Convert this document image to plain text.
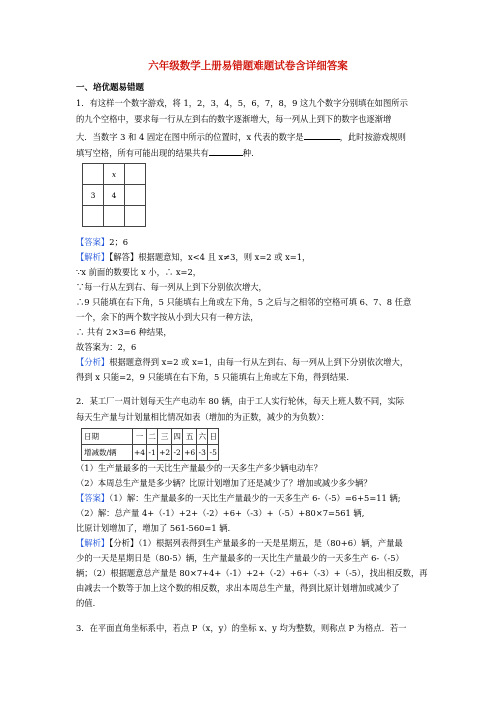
六年级数学上册易错题难题试卷含详细答案
一、培优题易错题
1．有这样一个数字游戏，将 1，2，3，4，5，6，7，8，9 这九个数字分别填在如图所示
的九个空格中，要求每一行从左到右的数字逐渐增大，每一列从上到下的数字也逐渐增
大．当数字 3 和 4 固定在图中所示的位置时，x 代表的数字是	，此时按游戏规则
填写空格，所有可能出现的结果共有	种.
	x	
3	4	

【答案】2；6
【解析】【解答】根据题意知，x<4 且 x≠3，则 x=2 或 x=1，
∵x 前面的数要比 x 小，∴ x=2，
∵每一行从左到右、每一列从上到下分别依次增大，
∴9 只能填在右下角，5 只能填右上角或左下角，5 之后与之相邻的空格可填 6、7、8 任意
一个，余下的两个数字按从小到大只有一种方法，
∴ 共有 2×3=6 种结果，
故答案为：2，6
【分析】根据题意得到 x=2 或 x=1，由每一行从左到右、每一列从上到下分别依次增大，
得到 x 只能=2，9 只能填在右下角，5 只能填右上角或左下角，得到结果.
2．某工厂一周计划每天生产电动车 80 辆，由于工人实行轮休，每天上班人数不同，实际
每天生产量与计划量相比情况如表（增加的为正数，减少的为负数）：
日期	一	二	三	四	五	六	日
增减数/辆	+4	-1	+2	-2	+6	-3	-5
（1）生产量最多的一天比生产量最少的一天多生产多少辆电动车？
（2）本周总生产量是多少辆？比原计划增加了还是减少了？增加或减少多少辆？
【答案】（1）解：生产量最多的一天比生产量最少的一天多生产 6-（-5）=6+5=11 辆;
（2）解：总产量 4+（-1）+2+（-2）+6+（-3）+（-5）+80×7=561 辆,
比原计划增加了，增加了 561-560=1 辆.
【解析】【分析】（1）根据列表得到生产量最多的一天是星期五，是（80+6）辆，产量最
少的一天是星期日是（80-5）辆，生产量最多的一天比生产量最少的一天多生产 6-（-5）
辆；（2）根据题意总产量是 80×7+4+（-1）+2+（-2）+6+（-3）+（-5），找出相反数，再
由减去一个数等于加上这个数的相反数，求出本周总生产量，得到比原计划增加或减少了
的值.
3．在平面直角坐标系中，若点 P（x，y）的坐标 x、y 均为整数，则称点 P 为格点．若一
